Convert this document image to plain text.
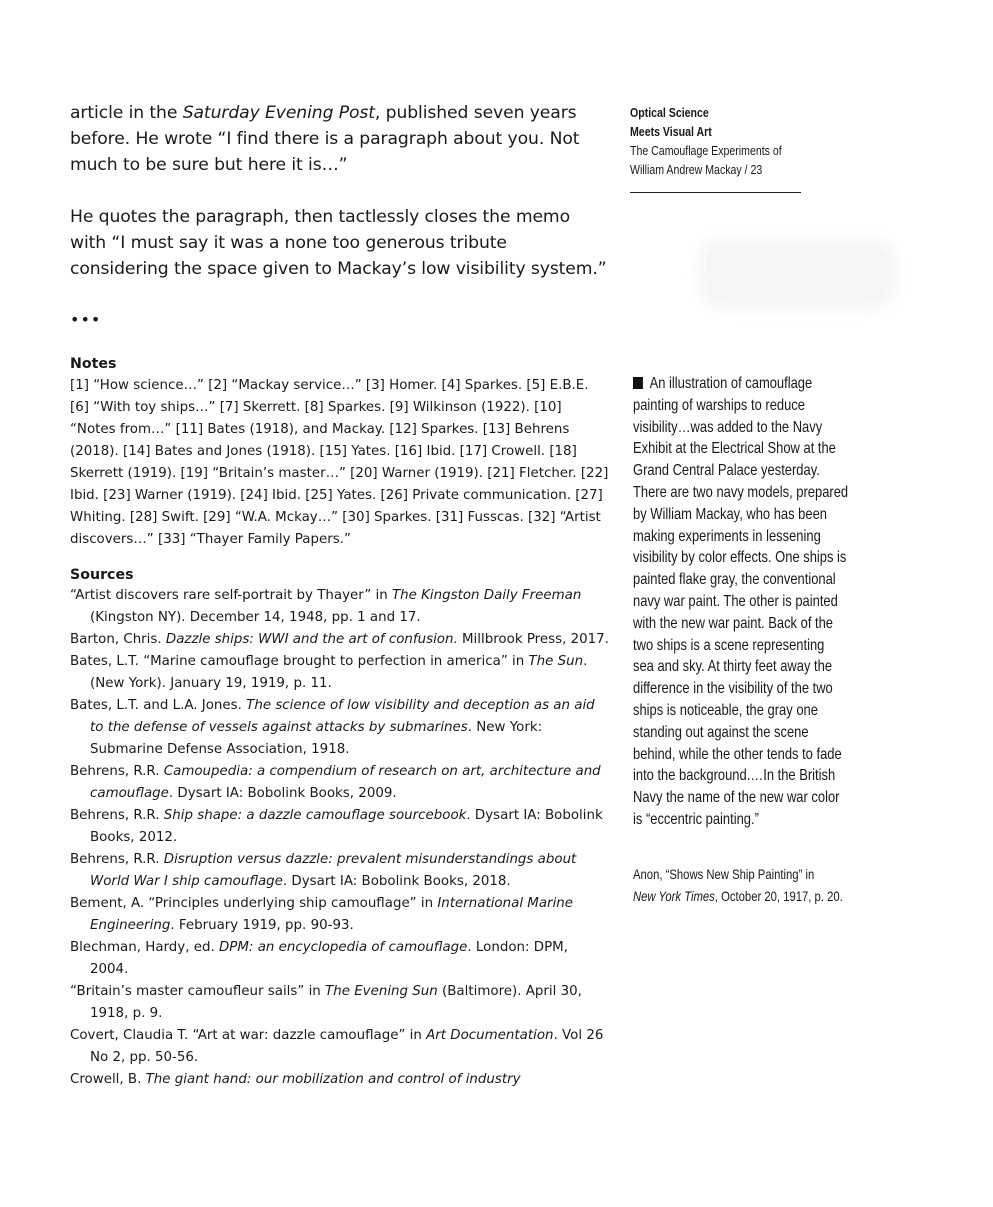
article in the Saturday Evening Post, published seven years before. He wrote “I find there is a paragraph about you. Not much to be sure but here it is…”

He quotes the paragraph, then tactlessly closes the memo with “I must say it was a none too generous tribute considering the space given to Mackay’s low visibility system.”

•••
Notes

[1] “How science…” [2] “Mackay service…” [3] Homer. [4] Sparkes. [5] E.B.E. [6] “With toy ships…” [7] Skerrett. [8] Sparkes. [9] Wilkinson (1922). [10] “Notes from…” [11] Bates (1918), and Mackay. [12] Sparkes. [13] Behrens (2018). [14] Bates and Jones (1918). [15] Yates. [16] Ibid. [17] Crowell. [18] Skerrett (1919). [19] “Britain’s master…” [20] Warner (1919). [21] Fletcher. [22] Ibid. [23] Warner (1919). [24] Ibid. [25] Yates. [26] Private communication. [27] Whiting. [28] Swift. [29] “W.A. Mckay…” [30] Sparkes. [31] Fusscas. [32] “Artist discovers…” [33] “Thayer Family Papers.”

Sources

“Artist discovers rare self-portrait by Thayer” in The Kingston Daily Freeman (Kingston NY). December 14, 1948, pp. 1 and 17.

Barton, Chris. Dazzle ships: WWI and the art of confusion. Millbrook Press, 2017.

Bates, L.T. “Marine camouflage brought to perfection in america” in The Sun. (New York). January 19, 1919, p. 11.

Bates, L.T. and L.A. Jones. The science of low visibility and deception as an aid to the defense of vessels against attacks by submarines. New York: Submarine Defense Association, 1918.

Behrens, R.R. Camoupedia: a compendium of research on art, architecture and camouflage. Dysart IA: Bobolink Books, 2009.

Behrens, R.R. Ship shape: a dazzle camouflage sourcebook. Dysart IA: Bobolink Books, 2012.

Behrens, R.R. Disruption versus dazzle: prevalent misunderstandings about World War I ship camouflage. Dysart IA: Bobolink Books, 2018.

Bement, A. “Principles underlying ship camouflage” in International Marine Engineering. February 1919, pp. 90-93.

Blechman, Hardy, ed. DPM: an encyclopedia of camouflage. London: DPM, 2004.

“Britain’s master camoufleur sails” in The Evening Sun (Baltimore). April 30, 1918, p. 9.

Covert, Claudia T. “Art at war: dazzle camouflage” in Art Documentation. Vol 26 No 2, pp. 50-56.

Crowell, B. The giant hand: our mobilization and control of industry

Optical Science
Meets Visual Art
The Camouflage Experiments of
William Andrew Mackay / 23
An illustration of camouflage painting of warships to reduce visibility…was added to the Navy Exhibit at the Electrical Show at the Grand Central Palace yesterday. There are two navy models, prepared by William Mackay, who has been making experiments in lessening visibility by color effects. One ships is painted flake gray, the conventional navy war paint. The other is painted with the new war paint. Back of the two ships is a scene representing sea and sky. At thirty feet away the difference in the visibility of the two ships is noticeable, the gray one standing out against the scene behind, while the other tends to fade into the background.…In the British Navy the name of the new war color is “eccentric painting.”
Anon, “Shows New Ship Painting” in
New York Times, October 20, 1917, p. 20.
